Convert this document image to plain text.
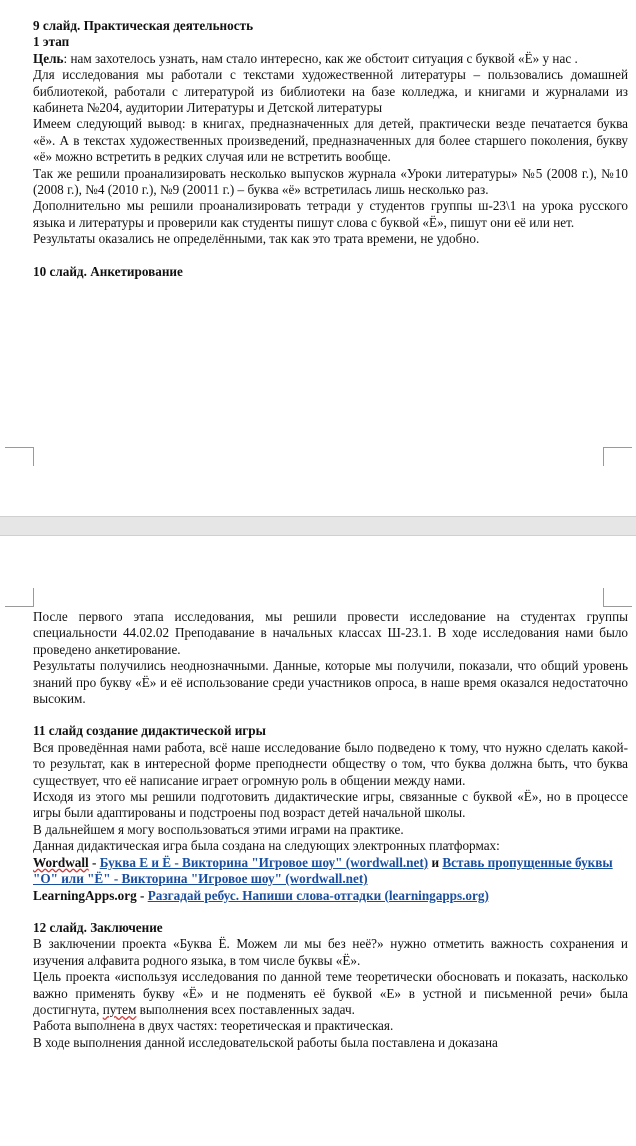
9 слайд. Практическая деятельность

1 этап

Цель: нам захотелось узнать, нам стало интересно, как же обстоит ситуация с буквой «Ё» у нас .

Для исследования мы работали с текстами художественной литературы – пользовались домашней библиотекой, работали с литературой из библиотеки на базе колледжа, и книгами и журналами из кабинета №204, аудитории Литературы и Детской литературы

Имеем следующий вывод: в книгах, предназначенных для детей, практически везде печатается буква «ё». А в текстах художественных произведений, предназначенных для более старшего поколения, букву «ё» можно встретить в редких случая или не встретить вообще.

Так же решили проанализировать несколько выпусков журнала «Уроки литературы» №5 (2008 г.), №10 (2008 г.), №4 (2010 г.), №9 (20011 г.) – буква «ё» встретилась лишь несколько раз.

Дополнительно мы решили проанализировать тетради у студентов группы ш-23\1 на урока русского языка и литературы и проверили как студенты пишут слова с буквой «Ё», пишут они её или нет.

Результаты оказались не определёнными, так как это трата времени, не удобно.

10 слайд. Анкетирование

После первого этапа исследования, мы решили провести исследование на студентах группы специальности 44.02.02 Преподавание в начальных классах Ш-23.1. В ходе исследования нами было проведено анкетирование.

Результаты получились неоднозначными. Данные, которые мы получили, показали, что общий уровень знаний про букву «Ё» и её использование среди участников опроса, в наше время оказался недостаточно высоким.

11 слайд создание дидактической игры

Вся проведённая нами работа, всё наше исследование было подведено к тому, что нужно сделать какой-то результат, как в интересной форме преподнести обществу о том, что буква должна быть, что буква существует, что её написание играет огромную роль в общении между нами.

Исходя из этого мы решили подготовить дидактические игры, связанные с буквой «Ё», но в процессе игры были адаптированы и подстроены под возраст детей начальной школы.

В дальнейшем я могу воспользоваться этими играми на практике.

Данная дидактическая игра была создана на следующих электронных платформах:

Wordwall - Буква Е и Ё - Викторина "Игровое шоу" (wordwall.net) и Вставь пропущенные буквы "О" или "Ё" - Викторина "Игровое шоу" (wordwall.net)

LearningApps.org - Разгадай ребус. Напиши слова-отгадки (learningapps.org)

12 слайд. Заключение

В заключении проекта «Буква Ё. Можем ли мы без неё?» нужно отметить важность сохранения и изучения алфавита родного языка, в том числе буквы «Ё».

Цель проекта «используя исследования по данной теме теоретически обосновать и показать, насколько важно применять букву «Ё» и не подменять её буквой «Е» в устной и письменной речи» была достигнута, путем выполнения всех поставленных задач.

Работа выполнена в двух частях: теоретическая и практическая.

В ходе выполнения данной исследовательской работы была поставлена и доказана
